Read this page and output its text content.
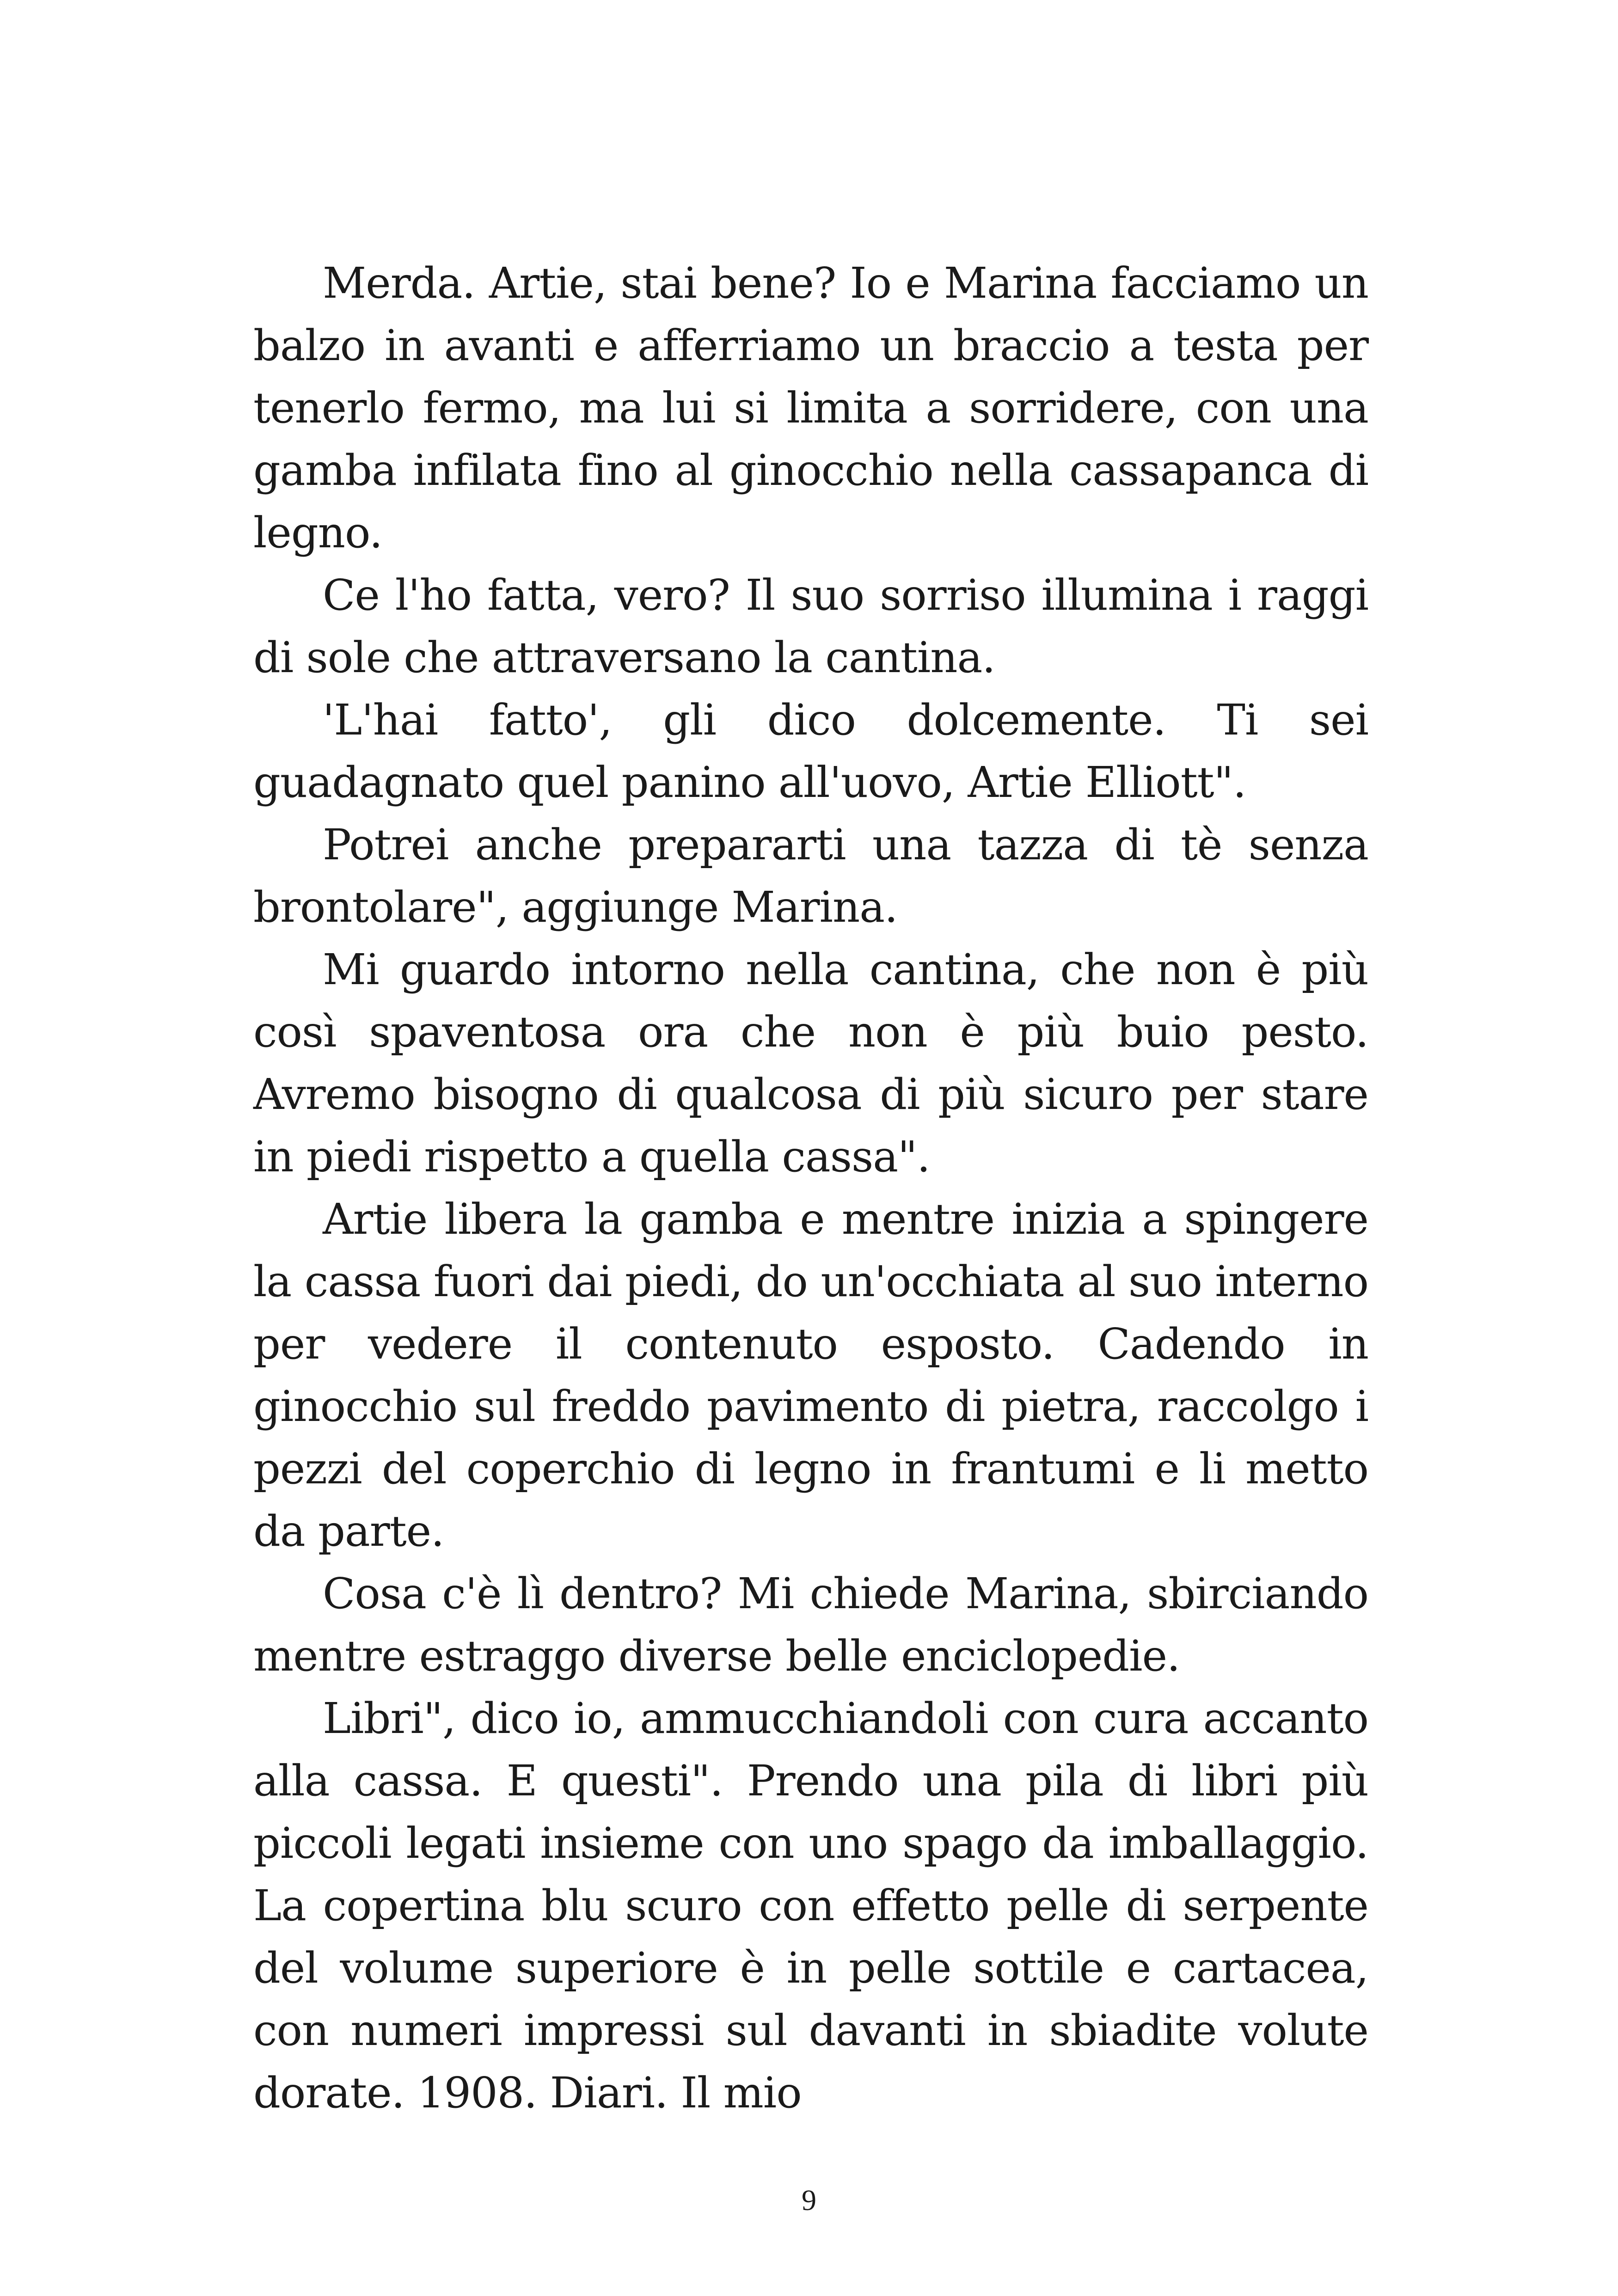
Merda. Artie, stai bene? Io e Marina facciamo un balzo in avanti e afferriamo un braccio a testa per tenerlo fermo, ma lui si limita a sorridere, con una gamba infilata fino al ginocchio nella cassapanca di legno.

Ce l'ho fatta, vero? Il suo sorriso illumina i raggi di sole che attraversano la cantina.

'L'hai fatto', gli dico dolcemente. Ti sei guadagnato quel panino all'uovo, Artie Elliott".

Potrei anche prepararti una tazza di tè senza brontolare", aggiunge Marina.

Mi guardo intorno nella cantina, che non è più così spaventosa ora che non è più buio pesto. Avremo bisogno di qualcosa di più sicuro per stare in piedi rispetto a quella cassa".

Artie libera la gamba e mentre inizia a spingere la cassa fuori dai piedi, do un'occhiata al suo interno per vedere il contenuto esposto. Cadendo in ginocchio sul freddo pavimento di pietra, raccolgo i pezzi del coperchio di legno in frantumi e li metto da parte.

Cosa c'è lì dentro? Mi chiede Marina, sbirciando mentre estraggo diverse belle enciclopedie.

Libri", dico io, ammucchiandoli con cura accanto alla cassa. E questi". Prendo una pila di libri più piccoli legati insieme con uno spago da imballaggio. La copertina blu scuro con effetto pelle di serpente del volume superiore è in pelle sottile e cartacea, con numeri impressi sul davanti in sbiadite volute dorate. 1908. Diari. Il mio

9
